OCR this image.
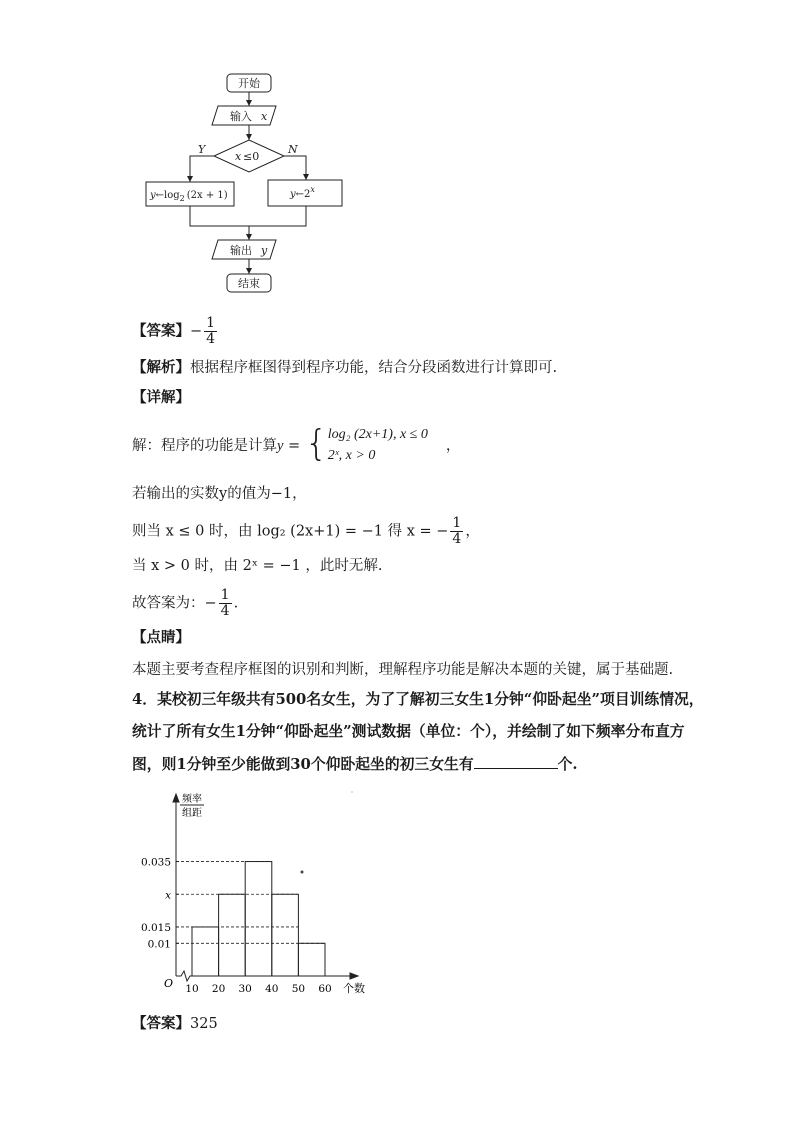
开始
输入 x
x ≤0
Y	N
$y\leftarrow\log_2$ (2x + 1)	y←2$^x$
输出 y
结束
【答案】− $\frac{1}{4}$
【解析】根据程序框图得到程序功能，结合分段函数进行计算即可.
【详解】
解：程序的功能是计算y = { log₂ (2x+1), x ≤ 0
2ˣ, x > 0
，
若输出的实数y的值为−1，
则当 x ≤ 0 时，由 log₂ (2x+1) = −1 得 x = − $\frac{1}{4}$ ，
当 x > 0 时，由 2ˣ = −1 ，此时无解.
故答案为：− $\frac{1}{4}$ .
【点睛】
本题主要考查程序框图的识别和判断，理解程序功能是解决本题的关键，属于基础题.
4．某校初三年级共有500名女生，为了了解初三女生1分钟“仰卧起坐”项目训练情况，
统计了所有女生1分钟“仰卧起坐”测试数据（单位：个），并绘制了如下频率分布直方
图，则1分钟至少能做到30个仰卧起坐的初三女生有	个.
频率
组距
个数
O
0.035
x
0.015
0.01
10 20 30 40 50 60
【答案】325
